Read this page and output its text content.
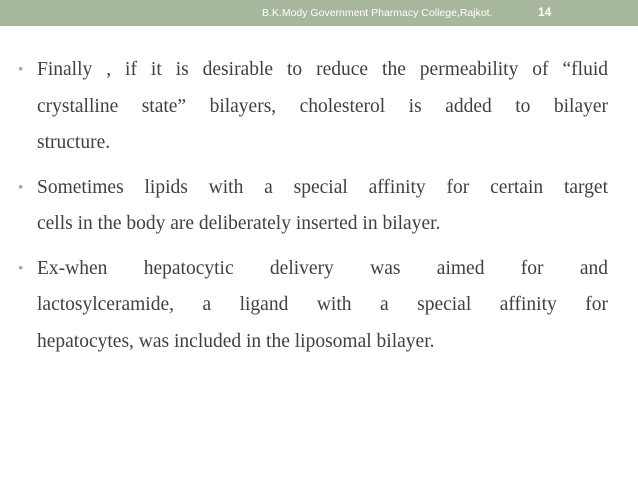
B.K.Mody Government Pharmacy College,Rajkot.	14
• Finally , if it is desirable to reduce the permeability of “fluid
crystalline state” bilayers, cholesterol is added to bilayer
structure.
• Sometimes lipids with a special affinity for certain target
cells in the body are deliberately inserted in bilayer.
• Ex-when hepatocytic delivery was aimed for and
lactosylceramide, a ligand with a special affinity for
hepatocytes, was included in the liposomal bilayer.
